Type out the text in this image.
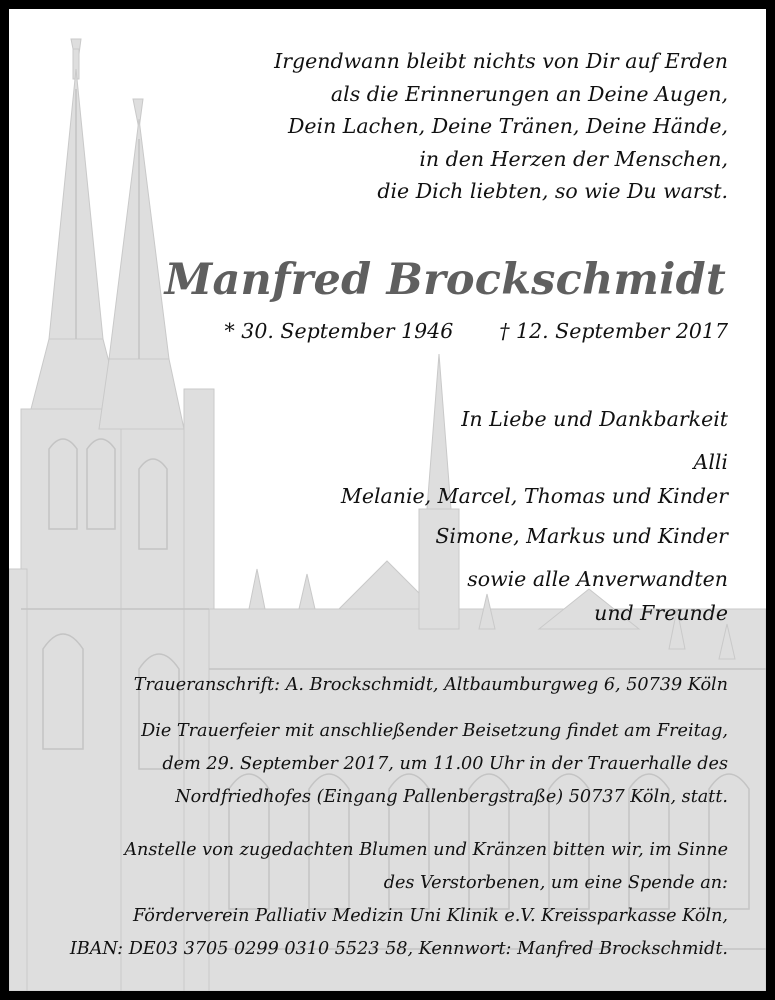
Irgendwann bleibt nichts von Dir auf Erden
als die Erinnerungen an Deine Augen,
Dein Lachen, Deine Tränen, Deine Hände,
in den Herzen der Menschen,
die Dich liebten, so wie Du warst.
Manfred Brockschmidt
* 30. September 1946 † 12. September 2017
In Liebe und Dankbarkeit
Alli
Melanie, Marcel, Thomas und Kinder
Simone, Markus und Kinder
sowie alle Anverwandten
und Freunde
Traueranschrift: A. Brockschmidt, Altbaumburgweg 6, 50739 Köln
Die Trauerfeier mit anschließender Beisetzung findet am Freitag,
dem 29. September 2017, um 11.00 Uhr in der Trauerhalle des
Nordfriedhofes (Eingang Pallenbergstraße) 50737 Köln, statt.
Anstelle von zugedachten Blumen und Kränzen bitten wir, im Sinne
des Verstorbenen, um eine Spende an:
Förderverein Palliativ Medizin Uni Klinik e.V. Kreissparkasse Köln,
IBAN: DE03 3705 0299 0310 5523 58, Kennwort: Manfred Brockschmidt.
